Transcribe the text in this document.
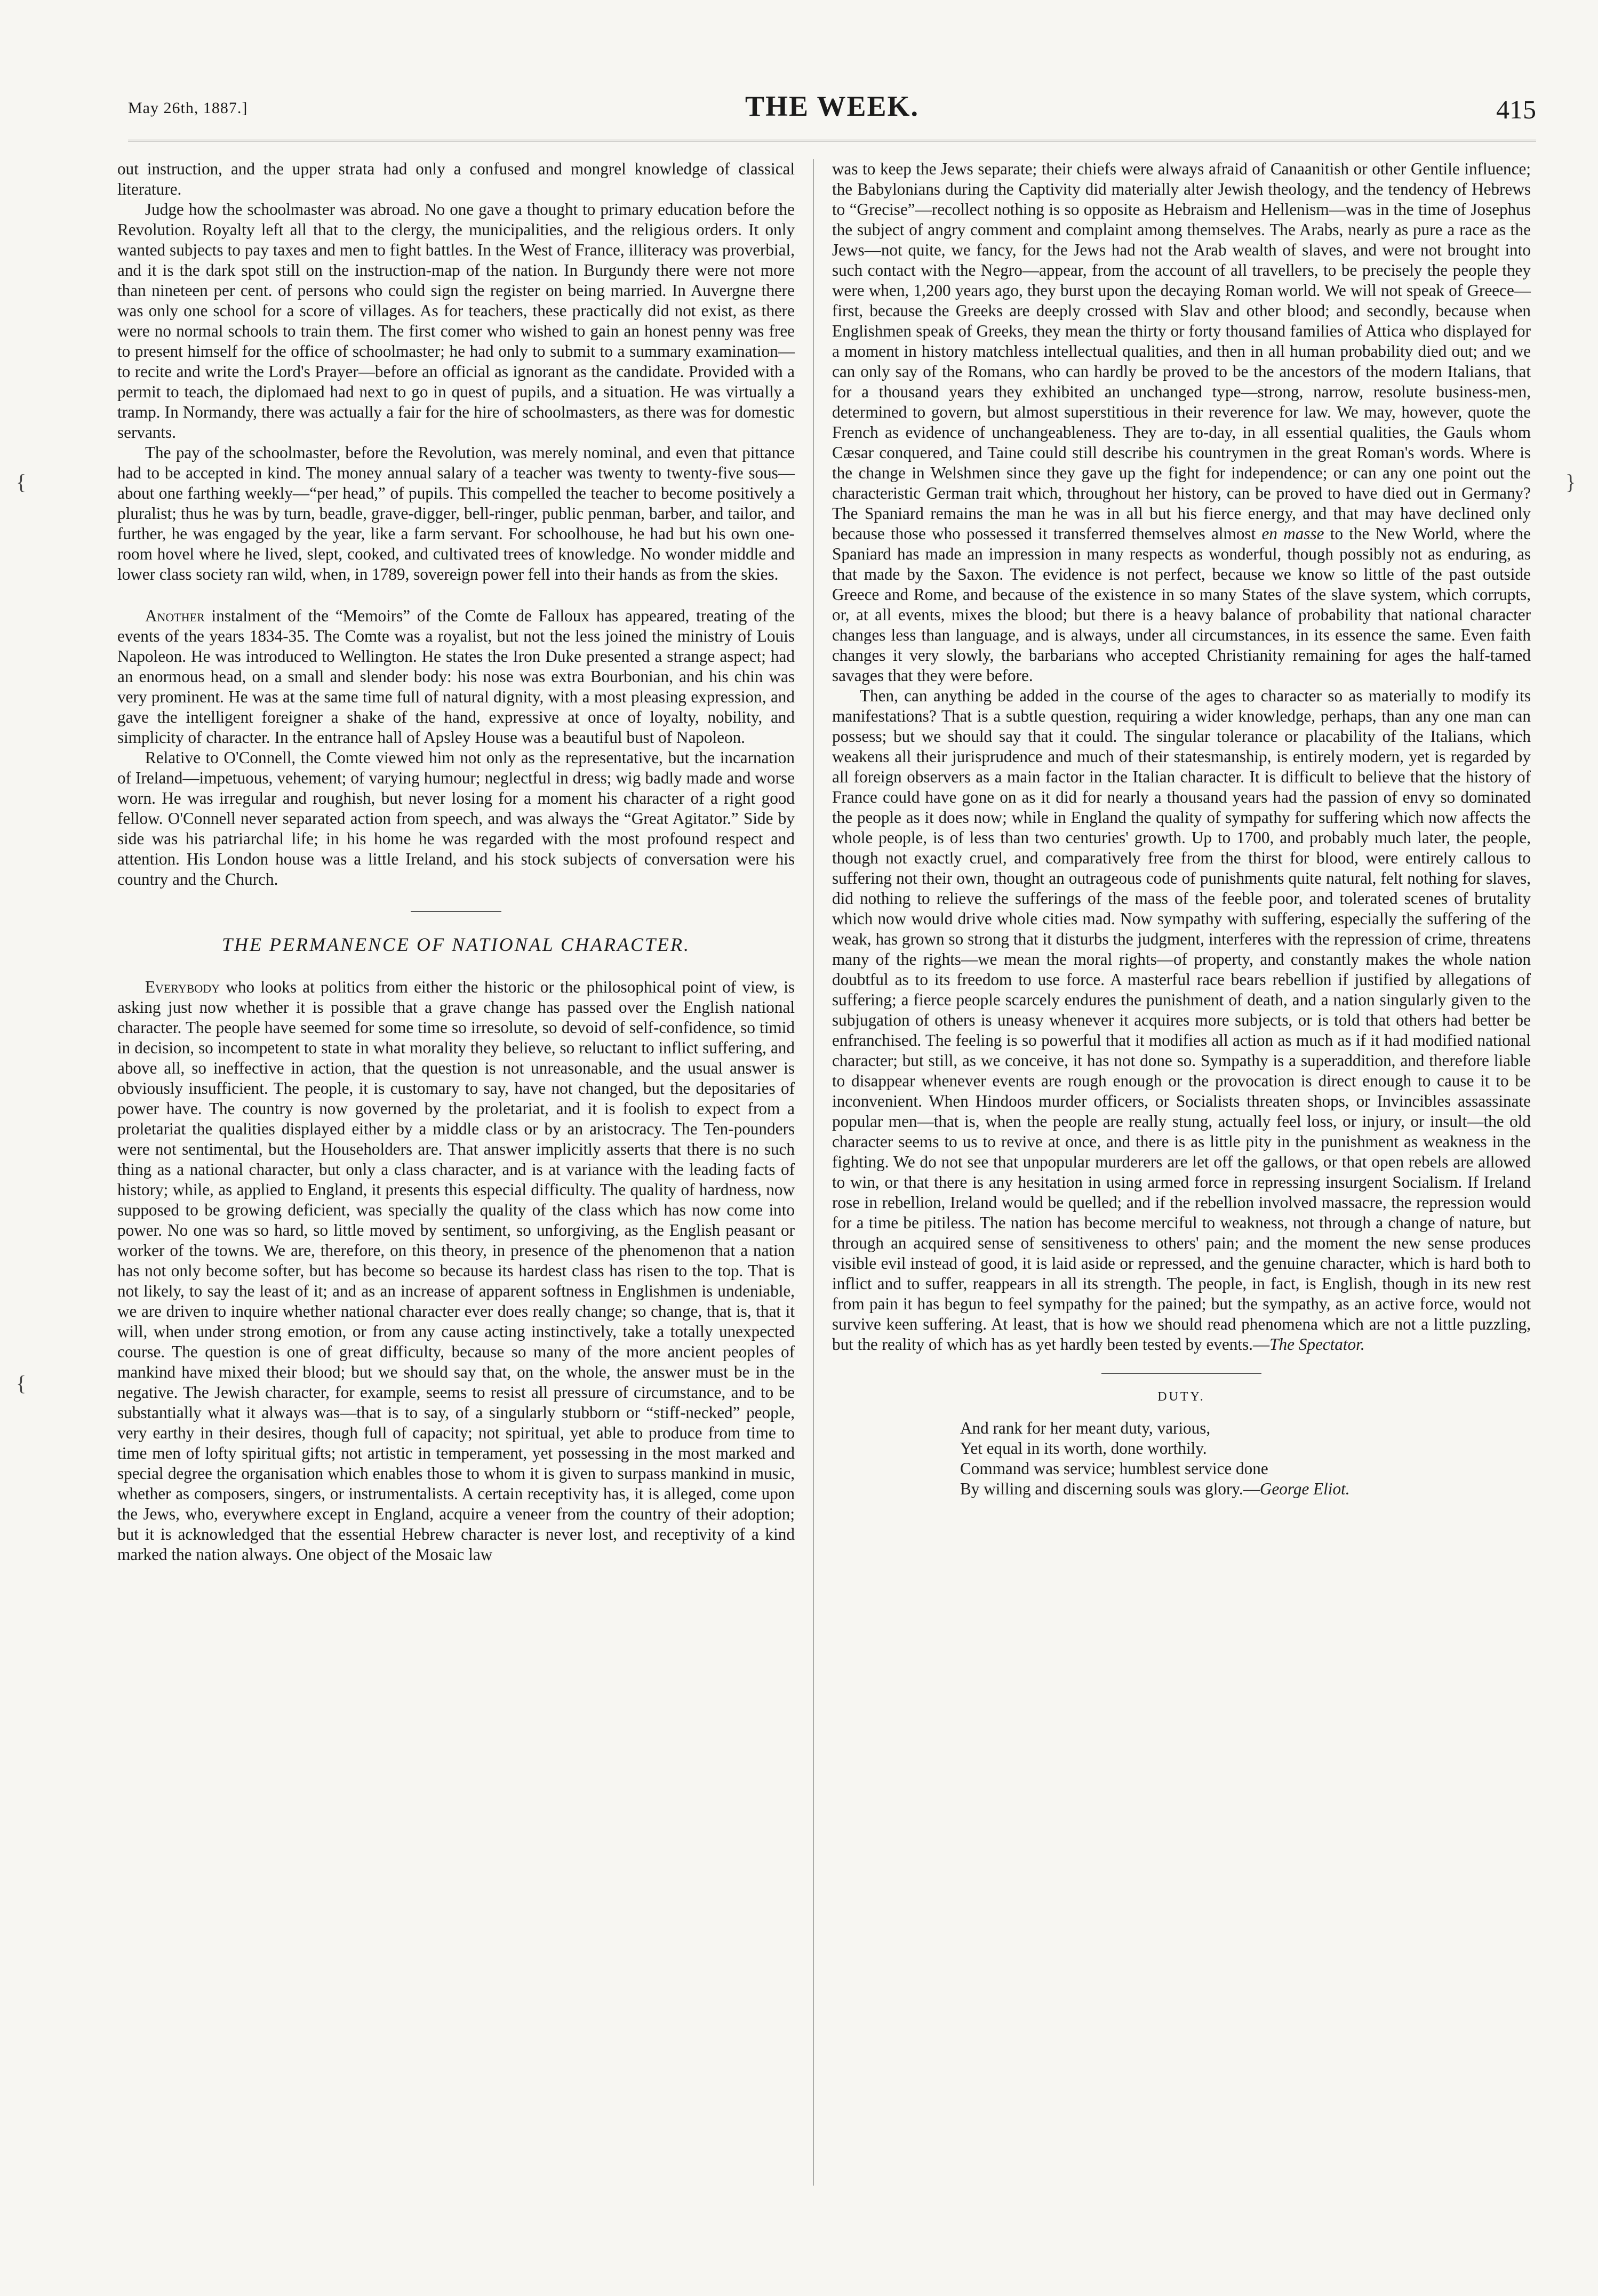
May 26th, 1887.]	THE WEEK.	415

out instruction, and the upper strata had only a confused and mongrel knowledge of classical literature.

Judge how the schoolmaster was abroad. No one gave a thought to primary education before the Revolution. Royalty left all that to the clergy, the municipalities, and the religious orders. It only wanted subjects to pay taxes and men to fight battles. In the West of France, illiteracy was proverbial, and it is the dark spot still on the instruction-map of the nation. In Burgundy there were not more than nineteen per cent. of persons who could sign the register on being married. In Auvergne there was only one school for a score of villages. As for teachers, these practically did not exist, as there were no normal schools to train them. The first comer who wished to gain an honest penny was free to present himself for the office of schoolmaster; he had only to submit to a summary examination—to recite and write the Lord's Prayer—before an official as ignorant as the candidate. Provided with a permit to teach, the diplomaed had next to go in quest of pupils, and a situation. He was virtually a tramp. In Normandy, there was actually a fair for the hire of schoolmasters, as there was for domestic servants.

The pay of the schoolmaster, before the Revolution, was merely nominal, and even that pittance had to be accepted in kind. The money annual salary of a teacher was twenty to twenty-five sous—about one farthing weekly—“per head,” of pupils. This compelled the teacher to become positively a pluralist; thus he was by turn, beadle, grave-digger, bell-ringer, public penman, barber, and tailor, and further, he was engaged by the year, like a farm servant. For schoolhouse, he had but his own one-room hovel where he lived, slept, cooked, and cultivated trees of knowledge. No wonder middle and lower class society ran wild, when, in 1789, sovereign power fell into their hands as from the skies.

Another instalment of the “Memoirs” of the Comte de Falloux has appeared, treating of the events of the years 1834-35. The Comte was a royalist, but not the less joined the ministry of Louis Napoleon. He was introduced to Wellington. He states the Iron Duke presented a strange aspect; had an enormous head, on a small and slender body: his nose was extra Bourbonian, and his chin was very prominent. He was at the same time full of natural dignity, with a most pleasing expression, and gave the intelligent foreigner a shake of the hand, expressive at once of loyalty, nobility, and simplicity of character. In the entrance hall of Apsley House was a beautiful bust of Napoleon.

Relative to O'Connell, the Comte viewed him not only as the representative, but the incarnation of Ireland—impetuous, vehement; of varying humour; neglectful in dress; wig badly made and worse worn. He was irregular and roughish, but never losing for a moment his character of a right good fellow. O'Connell never separated action from speech, and was always the “Great Agitator.” Side by side was his patriarchal life; in his home he was regarded with the most profound respect and attention. His London house was a little Ireland, and his stock subjects of conversation were his country and the Church.

THE PERMANENCE OF NATIONAL CHARACTER.

Everybody who looks at politics from either the historic or the philosophical point of view, is asking just now whether it is possible that a grave change has passed over the English national character. The people have seemed for some time so irresolute, so devoid of self-confidence, so timid in decision, so incompetent to state in what morality they believe, so reluctant to inflict suffering, and above all, so ineffective in action, that the question is not unreasonable, and the usual answer is obviously insufficient. The people, it is customary to say, have not changed, but the depositaries of power have. The country is now governed by the proletariat, and it is foolish to expect from a proletariat the qualities displayed either by a middle class or by an aristocracy. The Ten-pounders were not sentimental, but the Householders are. That answer implicitly asserts that there is no such thing as a national character, but only a class character, and is at variance with the leading facts of history; while, as applied to England, it presents this especial difficulty. The quality of hardness, now supposed to be growing deficient, was specially the quality of the class which has now come into power. No one was so hard, so little moved by sentiment, so unforgiving, as the English peasant or worker of the towns. We are, therefore, on this theory, in presence of the phenomenon that a nation has not only become softer, but has become so because its hardest class has risen to the top. That is not likely, to say the least of it; and as an increase of apparent softness in Englishmen is undeniable, we are driven to inquire whether national character ever does really change; so change, that is, that it will, when under strong emotion, or from any cause acting instinctively, take a totally unexpected course. The question is one of great difficulty, because so many of the more ancient peoples of mankind have mixed their blood; but we should say that, on the whole, the answer must be in the negative. The Jewish character, for example, seems to resist all pressure of circumstance, and to be substantially what it always was—that is to say, of a singularly stubborn or “stiff-necked” people, very earthy in their desires, though full of capacity; not spiritual, yet able to produce from time to time men of lofty spiritual gifts; not artistic in temperament, yet possessing in the most marked and special degree the organisation which enables those to whom it is given to surpass mankind in music, whether as composers, singers, or instrumentalists. A certain receptivity has, it is alleged, come upon the Jews, who, everywhere except in England, acquire a veneer from the country of their adoption; but it is acknowledged that the essential Hebrew character is never lost, and receptivity of a kind marked the nation always. One object of the Mosaic law

was to keep the Jews separate; their chiefs were always afraid of Canaanitish or other Gentile influence; the Babylonians during the Captivity did materially alter Jewish theology, and the tendency of Hebrews to “Grecise”—recollect nothing is so opposite as Hebraism and Hellenism—was in the time of Josephus the subject of angry comment and complaint among themselves. The Arabs, nearly as pure a race as the Jews—not quite, we fancy, for the Jews had not the Arab wealth of slaves, and were not brought into such contact with the Negro—appear, from the account of all travellers, to be precisely the people they were when, 1,200 years ago, they burst upon the decaying Roman world. We will not speak of Greece—first, because the Greeks are deeply crossed with Slav and other blood; and secondly, because when Englishmen speak of Greeks, they mean the thirty or forty thousand families of Attica who displayed for a moment in history matchless intellectual qualities, and then in all human probability died out; and we can only say of the Romans, who can hardly be proved to be the ancestors of the modern Italians, that for a thousand years they exhibited an unchanged type—strong, narrow, resolute business-men, determined to govern, but almost superstitious in their reverence for law. We may, however, quote the French as evidence of unchangeableness. They are to-day, in all essential qualities, the Gauls whom Cæsar conquered, and Taine could still describe his countrymen in the great Roman's words. Where is the change in Welshmen since they gave up the fight for independence; or can any one point out the characteristic German trait which, throughout her history, can be proved to have died out in Germany? The Spaniard remains the man he was in all but his fierce energy, and that may have declined only because those who possessed it transferred themselves almost en masse to the New World, where the Spaniard has made an impression in many respects as wonderful, though possibly not as enduring, as that made by the Saxon. The evidence is not perfect, because we know so little of the past outside Greece and Rome, and because of the existence in so many States of the slave system, which corrupts, or, at all events, mixes the blood; but there is a heavy balance of probability that national character changes less than language, and is always, under all circumstances, in its essence the same. Even faith changes it very slowly, the barbarians who accepted Christianity remaining for ages the half-tamed savages that they were before.

Then, can anything be added in the course of the ages to character so as materially to modify its manifestations? That is a subtle question, requiring a wider knowledge, perhaps, than any one man can possess; but we should say that it could. The singular tolerance or placability of the Italians, which weakens all their jurisprudence and much of their statesmanship, is entirely modern, yet is regarded by all foreign observers as a main factor in the Italian character. It is difficult to believe that the history of France could have gone on as it did for nearly a thousand years had the passion of envy so dominated the people as it does now; while in England the quality of sympathy for suffering which now affects the whole people, is of less than two centuries' growth. Up to 1700, and probably much later, the people, though not exactly cruel, and comparatively free from the thirst for blood, were entirely callous to suffering not their own, thought an outrageous code of punishments quite natural, felt nothing for slaves, did nothing to relieve the sufferings of the mass of the feeble poor, and tolerated scenes of brutality which now would drive whole cities mad. Now sympathy with suffering, especially the suffering of the weak, has grown so strong that it disturbs the judgment, interferes with the repression of crime, threatens many of the rights—we mean the moral rights—of property, and constantly makes the whole nation doubtful as to its freedom to use force. A masterful race bears rebellion if justified by allegations of suffering; a fierce people scarcely endures the punishment of death, and a nation singularly given to the subjugation of others is uneasy whenever it acquires more subjects, or is told that others had better be enfranchised. The feeling is so powerful that it modifies all action as much as if it had modified national character; but still, as we conceive, it has not done so. Sympathy is a superaddition, and therefore liable to disappear whenever events are rough enough or the provocation is direct enough to cause it to be inconvenient. When Hindoos murder officers, or Socialists threaten shops, or Invincibles assassinate popular men—that is, when the people are really stung, actually feel loss, or injury, or insult—the old character seems to us to revive at once, and there is as little pity in the punishment as weakness in the fighting. We do not see that unpopular murderers are let off the gallows, or that open rebels are allowed to win, or that there is any hesitation in using armed force in repressing insurgent Socialism. If Ireland rose in rebellion, Ireland would be quelled; and if the rebellion involved massacre, the repression would for a time be pitiless. The nation has become merciful to weakness, not through a change of nature, but through an acquired sense of sensitiveness to others' pain; and the moment the new sense produces visible evil instead of good, it is laid aside or repressed, and the genuine character, which is hard both to inflict and to suffer, reappears in all its strength. The people, in fact, is English, though in its new rest from pain it has begun to feel sympathy for the pained; but the sympathy, as an active force, would not survive keen suffering. At least, that is how we should read phenomena which are not a little puzzling, but the reality of which has as yet hardly been tested by events.—The Spectator.

DUTY.
And rank for her meant duty, various,
Yet equal in its worth, done worthily.
Command was service; humblest service done
By willing and discerning souls was glory.—George Eliot.
{
{
}
